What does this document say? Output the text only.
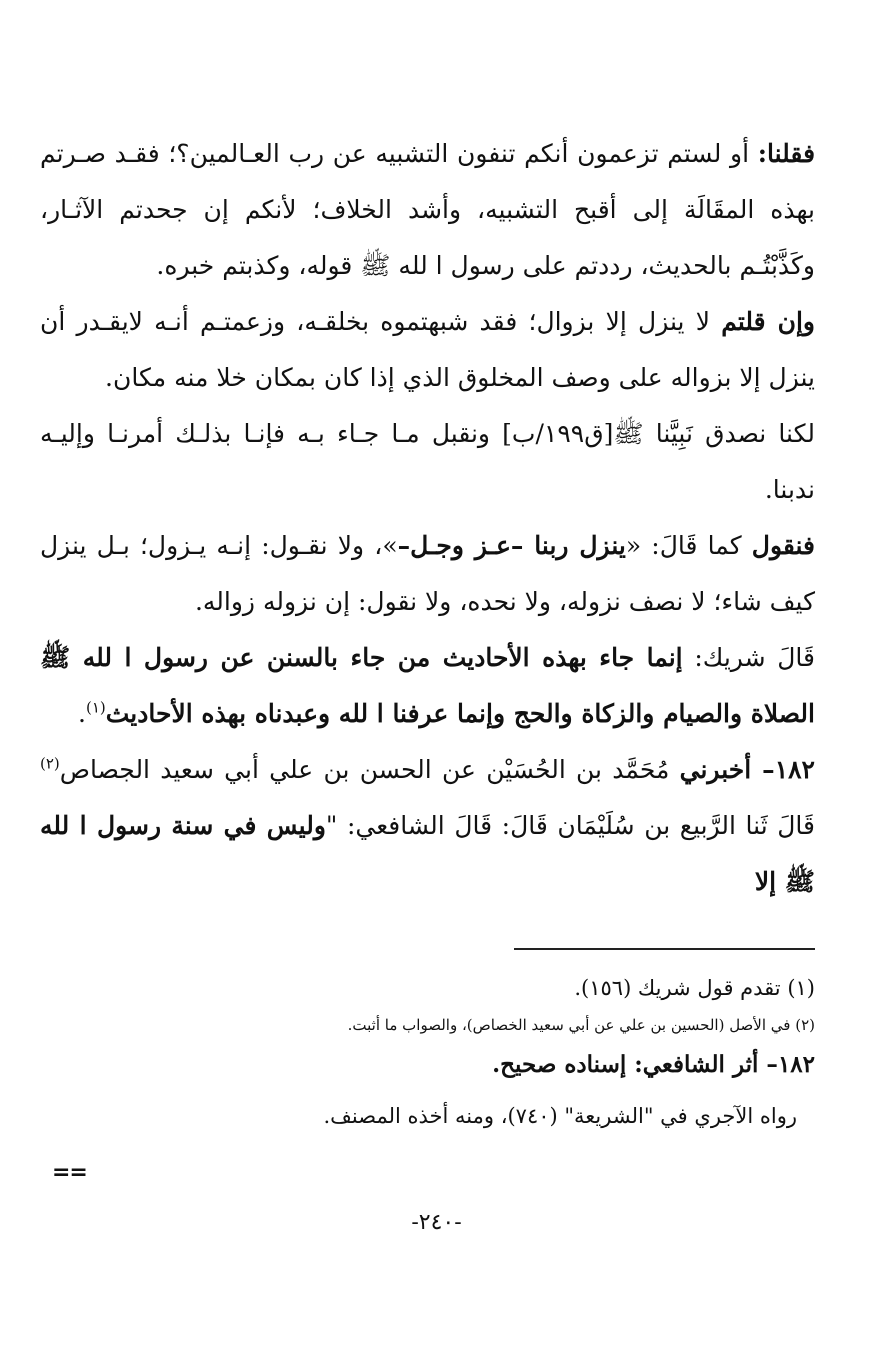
فقلنا: أو لستم تزعمون أنكم تنفون التشبيه عن رب العـالمين؟؛ فقـد صـرتم بهذه المقَالَة إلى أقبح التشبيه، وأشد الخلاف؛ لأنكم إن جحدتم الآثـار، وكَذَّبْتُـم بالحديث، رددتم على رسول ا لله ﷺ قوله، وكذبتم خبره.

وإن قلتم لا ينزل إلا بزوال؛ فقد شبهتموه بخلقـه، وزعمتـم أنـه لايقـدر أن ينزل إلا بزواله على وصف المخلوق الذي إذا كان بمكان خلا منه مكان.

لكنا نصدق نَبِيَّنا ﷺ[ق١٩٩/ب] ونقبل مـا جـاء بـه فإنـا بذلـك أمرنـا وإليـه ندبنا.

فنقول كما قَالَ: «ينزل ربنا –عـز وجـل–»، ولا نقـول: إنـه يـزول؛ بـل ينزل كيف شاء؛ لا نصف نزوله، ولا نحده، ولا نقول: إن نزوله زواله.

قَالَ شريك: إنما جاء بهذه الأحاديث من جاء بالسنن عن رسول ا لله ﷺ الصلاة والصيام والزكاة والحج وإنما عرفنا ا لله وعبدناه بهذه الأحاديث$^{(١)}$.

١٨٢– أخبرني مُحَمَّد بن الحُسَيْن عن الحسن بن علي أبي سعيد الجصاص$^{(٢)}$ قَالَ ثَنا الرَّبيع بن سُلَيْمَان قَالَ: قَالَ الشافعي: "وليس في سنة رسول ا لله ﷺ إلا

(١) تقدم قول شريك (١٥٦).

(٢) في الأصل (الحسين بن علي عن أبي سعيد الخصاص)، والصواب ما أثبت.

١٨٢– أثر الشافعي: إسناده صحيح.

رواه الآجري في "الشريعة" (٧٤٠)، ومنه أخذه المصنف.

==
-٢٤٠-
